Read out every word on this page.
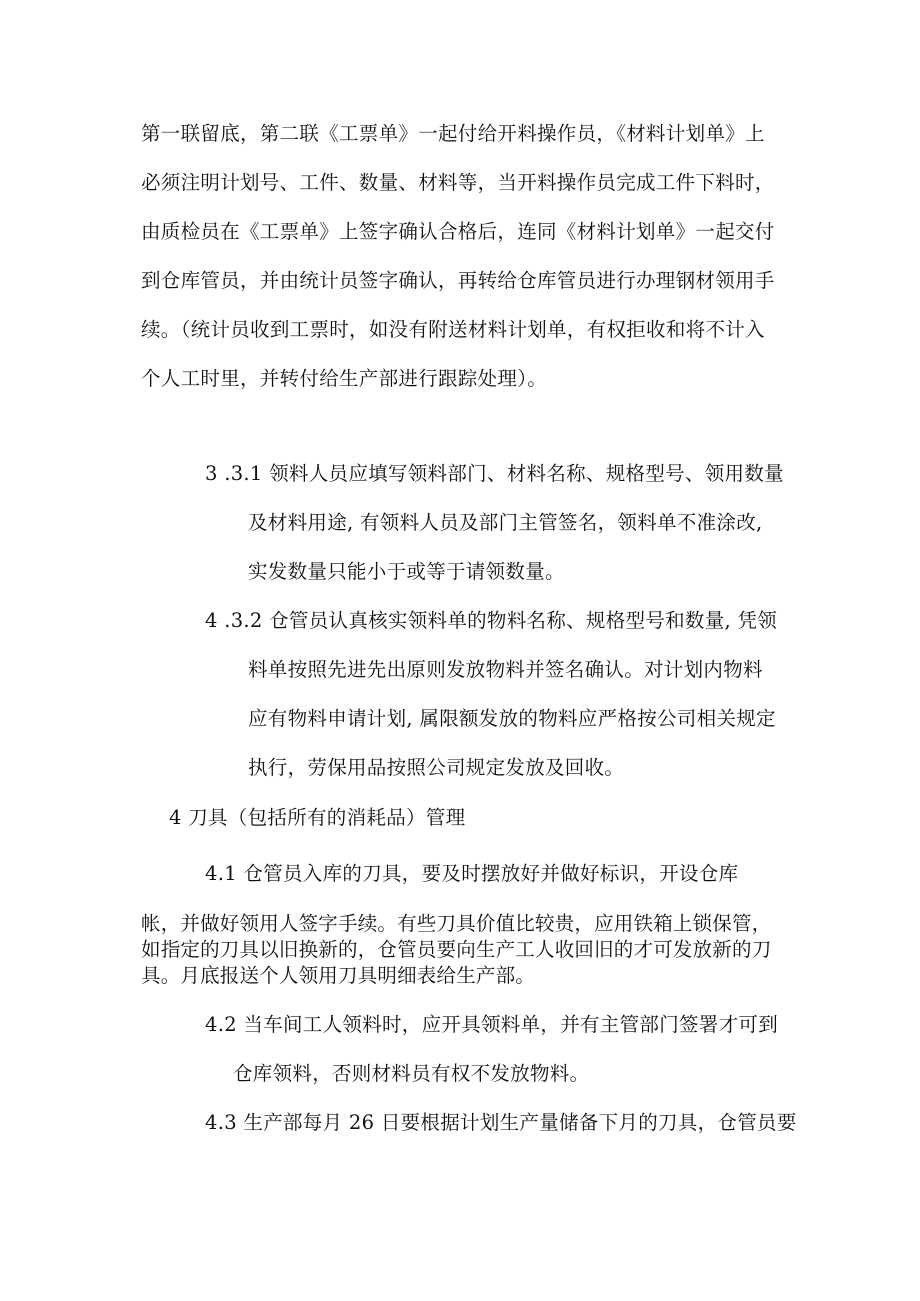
第一联留底，第二联《工票单》一起付给开料操作员，《材料计划单》上
必须注明计划号、工件、数量、材料等，当开料操作员完成工件下料时，
由质检员在《工票单》上签字确认合格后，连同《材料计划单》一起交付
到仓库管员，并由统计员签字确认，再转给仓库管员进行办理钢材领用手
续。（统计员收到工票时，如没有附送材料计划单，有权拒收和将不计入
个人工时里，并转付给生产部进行跟踪处理）。
3 .3.1 领料人员应填写领料部门、材料名称、规格型号、领用数量
及材料用途, 有领料人员及部门主管签名，领料单不准涂改,
实发数量只能小于或等于请领数量。
4 .3.2 仓管员认真核实领料单的物料名称、规格型号和数量, 凭领
料单按照先进先出原则发放物料并签名确认。对计划内物料
应有物料申请计划, 属限额发放的物料应严格按公司相关规定
执行，劳保用品按照公司规定发放及回收。
4 刀具（包括所有的消耗品）管理
4.1 仓管员入库的刀具，要及时摆放好并做好标识，开设仓库
帐，并做好领用人签字手续。有些刀具价值比较贵，应用铁箱上锁保管，
如指定的刀具以旧换新的，仓管员要向生产工人收回旧的才可发放新的刀
具。月底报送个人领用刀具明细表给生产部。
4.2 当车间工人领料时，应开具领料单，并有主管部门签署才可到
仓库领料，否则材料员有权不发放物料。
4.3 生产部每月 26 日要根据计划生产量储备下月的刀具，仓管员要
